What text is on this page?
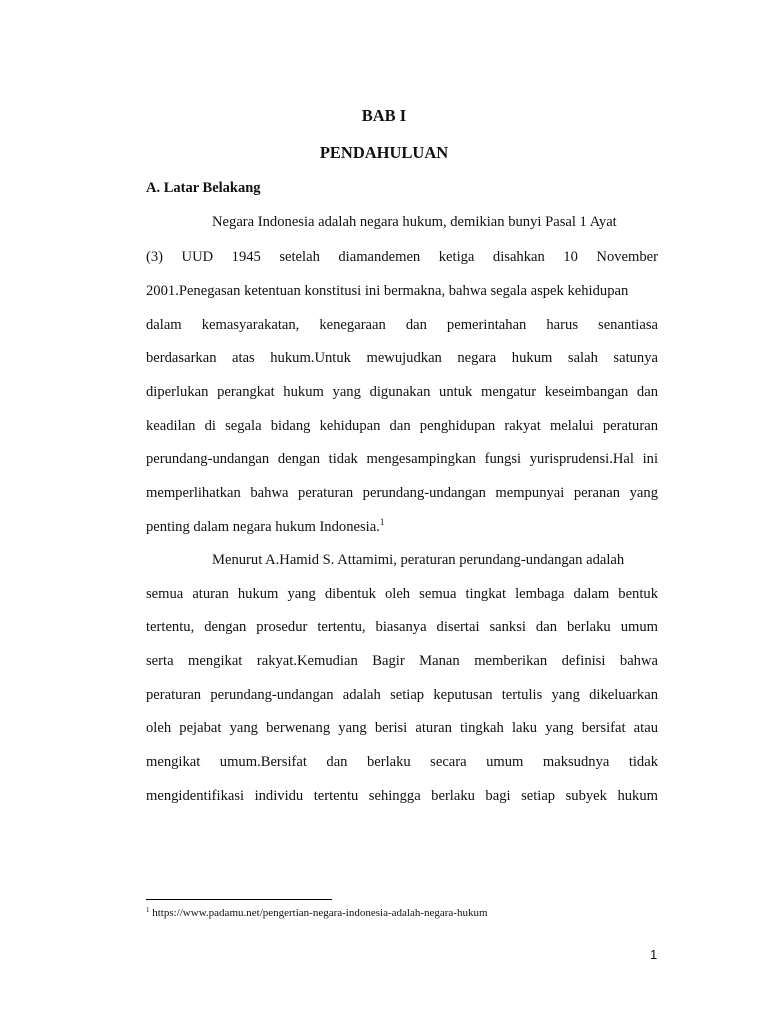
BAB I
PENDAHULUAN
A. Latar Belakang
Negara Indonesia adalah negara hukum, demikian bunyi Pasal 1 Ayat
(3) UUD 1945 setelah diamandemen ketiga disahkan 10 November
2001.Penegasan ketentuan konstitusi ini bermakna, bahwa segala aspek kehidupan
dalam kemasyarakatan, kenegaraan dan pemerintahan harus senantiasa
berdasarkan atas hukum.Untuk mewujudkan negara hukum salah satunya
diperlukan perangkat hukum yang digunakan untuk mengatur keseimbangan dan
keadilan di segala bidang kehidupan dan penghidupan rakyat melalui peraturan
perundang-undangan dengan tidak mengesampingkan fungsi yurisprudensi.Hal ini
memperlihatkan bahwa peraturan perundang-undangan mempunyai peranan yang
penting dalam negara hukum Indonesia.$^1$
Menurut A.Hamid S. Attamimi, peraturan perundang-undangan adalah
semua aturan hukum yang dibentuk oleh semua tingkat lembaga dalam bentuk
tertentu, dengan prosedur tertentu, biasanya disertai sanksi dan berlaku umum
serta mengikat rakyat.Kemudian Bagir Manan memberikan definisi bahwa
peraturan perundang-undangan adalah setiap keputusan tertulis yang dikeluarkan
oleh pejabat yang berwenang yang berisi aturan tingkah laku yang bersifat atau
mengikat umum.Bersifat dan berlaku secara umum maksudnya tidak
mengidentifikasi individu tertentu sehingga berlaku bagi setiap subyek hukum
$^1$ https://www.padamu.net/pengertian-negara-indonesia-adalah-negara-hukum
1
